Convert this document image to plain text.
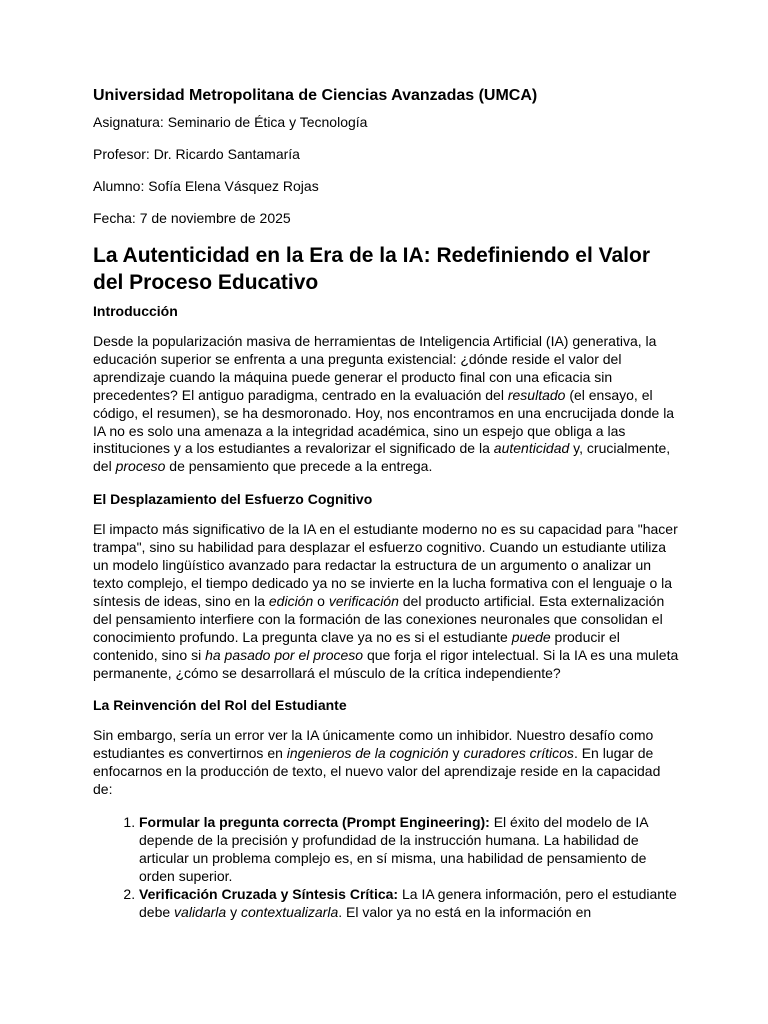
Universidad Metropolitana de Ciencias Avanzadas (UMCA)

Asignatura: Seminario de Ética y Tecnología

Profesor: Dr. Ricardo Santamaría

Alumno: Sofía Elena Vásquez Rojas

Fecha: 7 de noviembre de 2025

La Autenticidad en la Era de la IA: Redefiniendo el Valor del Proceso Educativo
Introducción

Desde la popularización masiva de herramientas de Inteligencia Artificial (IA) generativa, la educación superior se enfrenta a una pregunta existencial: ¿dónde reside el valor del aprendizaje cuando la máquina puede generar el producto final con una eficacia sin precedentes? El antiguo paradigma, centrado en la evaluación del resultado (el ensayo, el código, el resumen), se ha desmoronado. Hoy, nos encontramos en una encrucijada donde la IA no es solo una amenaza a la integridad académica, sino un espejo que obliga a las instituciones y a los estudiantes a revalorizar el significado de la autenticidad y, crucialmente, del proceso de pensamiento que precede a la entrega.

El Desplazamiento del Esfuerzo Cognitivo

El impacto más significativo de la IA en el estudiante moderno no es su capacidad para "hacer trampa", sino su habilidad para desplazar el esfuerzo cognitivo. Cuando un estudiante utiliza un modelo lingüístico avanzado para redactar la estructura de un argumento o analizar un texto complejo, el tiempo dedicado ya no se invierte en la lucha formativa con el lenguaje o la síntesis de ideas, sino en la edición o verificación del producto artificial. Esta externalización del pensamiento interfiere con la formación de las conexiones neuronales que consolidan el conocimiento profundo. La pregunta clave ya no es si el estudiante puede producir el contenido, sino si ha pasado por el proceso que forja el rigor intelectual. Si la IA es una muleta permanente, ¿cómo se desarrollará el músculo de la crítica independiente?

La Reinvención del Rol del Estudiante

Sin embargo, sería un error ver la IA únicamente como un inhibidor. Nuestro desafío como estudiantes es convertirnos en ingenieros de la cognición y curadores críticos. En lugar de enfocarnos en la producción de texto, el nuevo valor del aprendizaje reside en la capacidad de:

1. Formular la pregunta correcta (Prompt Engineering): El éxito del modelo de IA depende de la precisión y profundidad de la instrucción humana. La habilidad de articular un problema complejo es, en sí misma, una habilidad de pensamiento de orden superior.
2. Verificación Cruzada y Síntesis Crítica: La IA genera información, pero el estudiante debe validarla y contextualizarla. El valor ya no está en la información en
